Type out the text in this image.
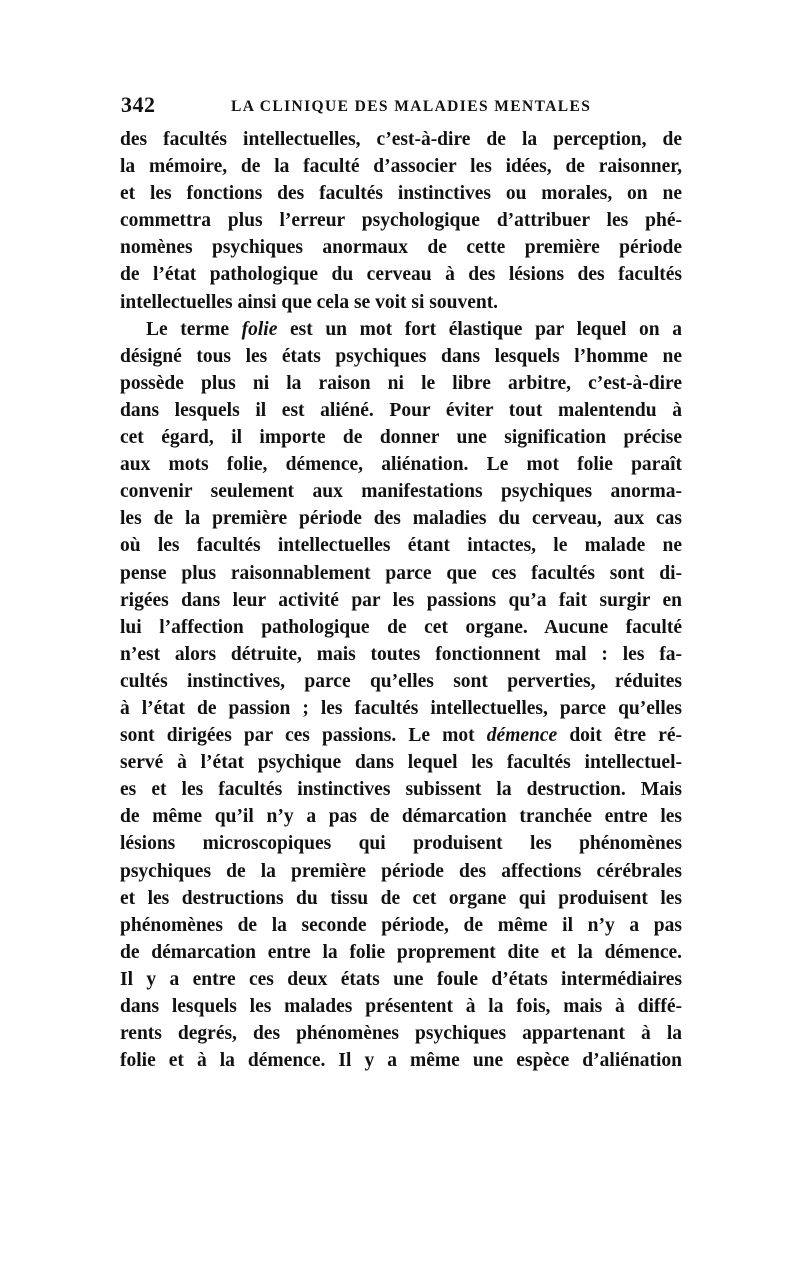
342	LA CLINIQUE DES MALADIES MENTALES
des facultés intellectuelles, c’est-à-dire de la perception, de
la mémoire, de la faculté d’associer les idées, de raisonner,
et les fonctions des facultés instinctives ou morales, on ne
commettra plus l’erreur psychologique d’attribuer les phé-
nomènes psychiques anormaux de cette première période
de l’état pathologique du cerveau à des lésions des facultés
intellectuelles ainsi que cela se voit si souvent.
Le terme folie est un mot fort élastique par lequel on a
désigné tous les états psychiques dans lesquels l’homme ne
possède plus ni la raison ni le libre arbitre, c’est-à-dire
dans lesquels il est aliéné. Pour éviter tout malentendu à
cet égard, il importe de donner une signification précise
aux mots folie, démence, aliénation. Le mot folie paraît
convenir seulement aux manifestations psychiques anorma-
les de la première période des maladies du cerveau, aux cas
où les facultés intellectuelles étant intactes, le malade ne
pense plus raisonnablement parce que ces facultés sont di-
rigées dans leur activité par les passions qu’a fait surgir en
lui l’affection pathologique de cet organe. Aucune faculté
n’est alors détruite, mais toutes fonctionnent mal : les fa-
cultés instinctives, parce qu’elles sont perverties, réduites
à l’état de passion ; les facultés intellectuelles, parce qu’elles
sont dirigées par ces passions. Le mot démence doit être ré-
servé à l’état psychique dans lequel les facultés intellectuel-
es et les facultés instinctives subissent la destruction. Mais
de même qu’il n’y a pas de démarcation tranchée entre les
lésions microscopiques qui produisent les phénomènes
psychiques de la première période des affections cérébrales
et les destructions du tissu de cet organe qui produisent les
phénomènes de la seconde période, de même il n’y a pas
de démarcation entre la folie proprement dite et la démence.
Il y a entre ces deux états une foule d’états intermédiaires
dans lesquels les malades présentent à la fois, mais à diffé-
rents degrés, des phénomènes psychiques appartenant à la
folie et à la démence. Il y a même une espèce d’aliénation
